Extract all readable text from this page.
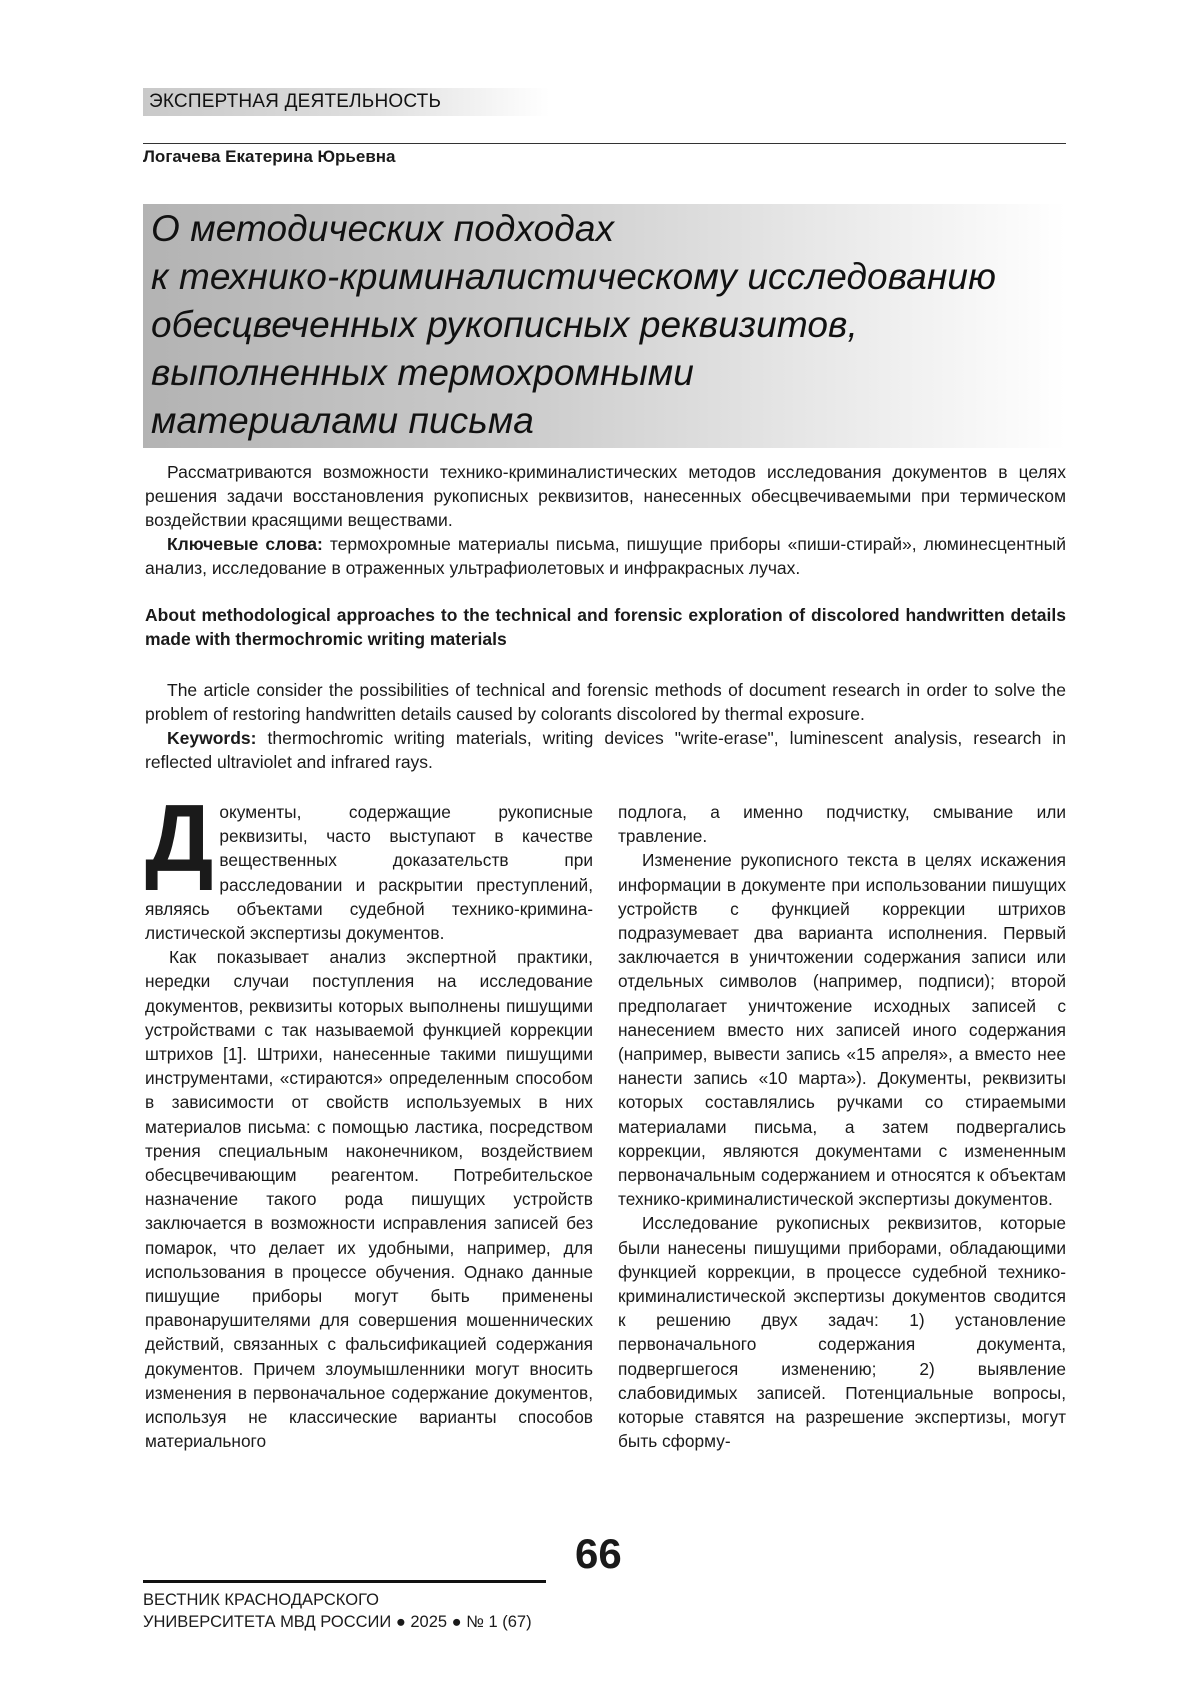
ЭКСПЕРТНАЯ ДЕЯТЕЛЬНОСТЬ
Логачева Екатерина Юрьевна
О методических подходах
к технико-криминалистическому исследованию
обесцвеченных рукописных реквизитов,
выполненных термохромными
материалами письма

Рассматриваются возможности технико-криминалистических методов исследования документов в целях решения задачи восстановления рукописных реквизитов, нанесенных обесцвечиваемыми при термическом воздействии красящими веществами.

Ключевые слова: термохромные материалы письма, пишущие приборы «пиши-стирай», люминесцентный анализ, исследование в отраженных ультрафиолетовых и инфракрасных лучах.

About methodological approaches to the technical and forensic exploration of discolored handwritten details made with thermochromic writing materials

The article consider the possibilities of technical and forensic methods of document research in order to solve the problem of restoring handwritten details caused by colorants discolored by thermal exposure.

Keywords: thermochromic writing materials, writing devices "write-erase", luminescent analysis, research in reflected ultraviolet and infrared rays.

Д окументы, содержащие рукописные реквизиты, часто выступают в качестве вещественных доказательств при расследовании и раскрытии преступлений, являясь объектами судебной технико-криминалистической экспертизы документов.

Как показывает анализ экспертной практики, нередки случаи поступления на исследование документов, реквизиты которых выполнены пишущими устройствами с так называемой функцией коррекции штрихов [1]. Штрихи, нанесенные такими пишущими инструментами, «стираются» определенным способом в зависимости от свойств используемых в них материалов письма: с помощью ластика, посредством трения специальным наконечником, воздействием обесцвечивающим реагентом. Потребительское назначение такого рода пишущих устройств заключается в возможности исправления записей без помарок, что делает их удобными, например, для использования в процессе обучения. Однако данные пишущие приборы могут быть применены правонарушителями для совершения мошеннических действий, связанных с фальсификацией содержания документов. Причем злоумышленники могут вносить изменения в первоначальное содержание документов, используя не классические варианты способов материального

подлога, а именно подчистку, смывание или травление.

Изменение рукописного текста в целях искажения информации в документе при использовании пишущих устройств с функцией коррекции штрихов подразумевает два варианта исполнения. Первый заключается в уничтожении содержания записи или отдельных символов (например, подписи); второй предполагает уничтожение исходных записей с нанесением вместо них записей иного содержания (например, вывести запись «15 апреля», а вместо нее нанести запись «10 марта»). Документы, реквизиты которых составлялись ручками со стираемыми материалами письма, а затем подвергались коррекции, являются документами с измененным первоначальным содержанием и относятся к объектам технико-криминалистической экспертизы документов.

Исследование рукописных реквизитов, которые были нанесены пишущими приборами, обладающими функцией коррекции, в процессе судебной технико-криминалистической экспертизы документов сводится к решению двух задач: 1) установление первоначального содержания документа, подвергшегося изменению; 2) выявление слабовидимых записей. Потенциальные вопросы, которые ставятся на разрешение экспертизы, могут быть сформу-

66
ВЕСТНИК КРАСНОДАРСКОГО
УНИВЕРСИТЕТА МВД РОССИИ ● 2025 ● № 1 (67)
